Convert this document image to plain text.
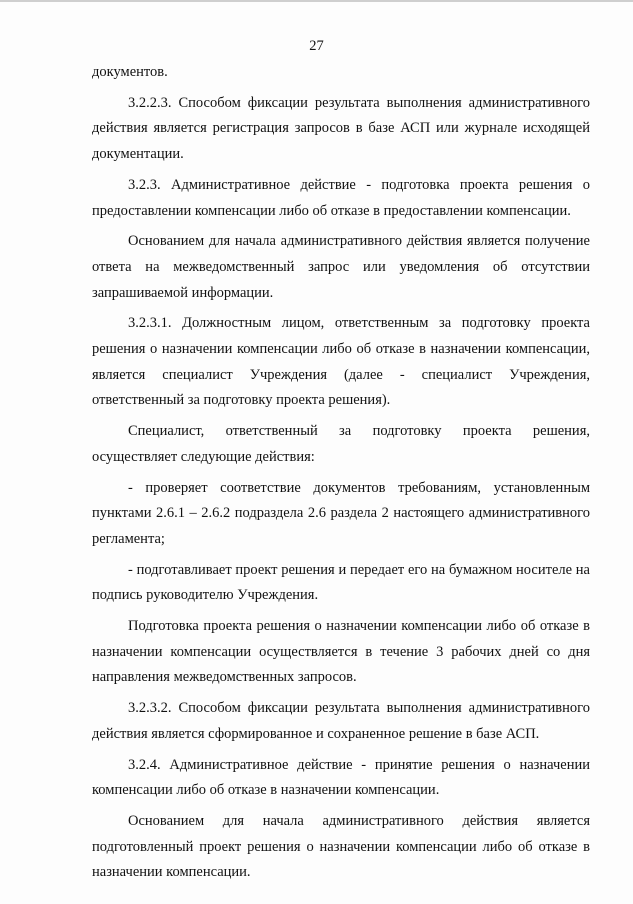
27

документов.

3.2.2.3. Способом фиксации результата выполнения административного действия является регистрация запросов в базе АСП или журнале исходящей документации.

3.2.3. Административное действие - подготовка проекта решения о предоставлении компенсации либо об отказе в предоставлении компенсации.

Основанием для начала административного действия является получение ответа на межведомственный запрос или уведомления об отсутствии запрашиваемой информации.

3.2.3.1. Должностным лицом, ответственным за подготовку проекта решения о назначении компенсации либо об отказе в назначении компенсации, является специалист Учреждения (далее - специалист Учреждения, ответственный за подготовку проекта решения).

Специалист, ответственный за подготовку проекта решения, осуществляет следующие действия:

- проверяет соответствие документов требованиям, установленным пунктами 2.6.1 – 2.6.2 подраздела 2.6 раздела 2 настоящего административного регламента;

- подготавливает проект решения и передает его на бумажном носителе на подпись руководителю Учреждения.

Подготовка проекта решения о назначении компенсации либо об отказе в назначении компенсации осуществляется в течение 3 рабочих дней со дня направления межведомственных запросов.

3.2.3.2. Способом фиксации результата выполнения административного действия является сформированное и сохраненное решение в базе АСП.

3.2.4. Административное действие - принятие решения о назначении компенсации либо об отказе в назначении компенсации.

Основанием для начала административного действия является подготовленный проект решения о назначении компенсации либо об отказе в назначении компенсации.
